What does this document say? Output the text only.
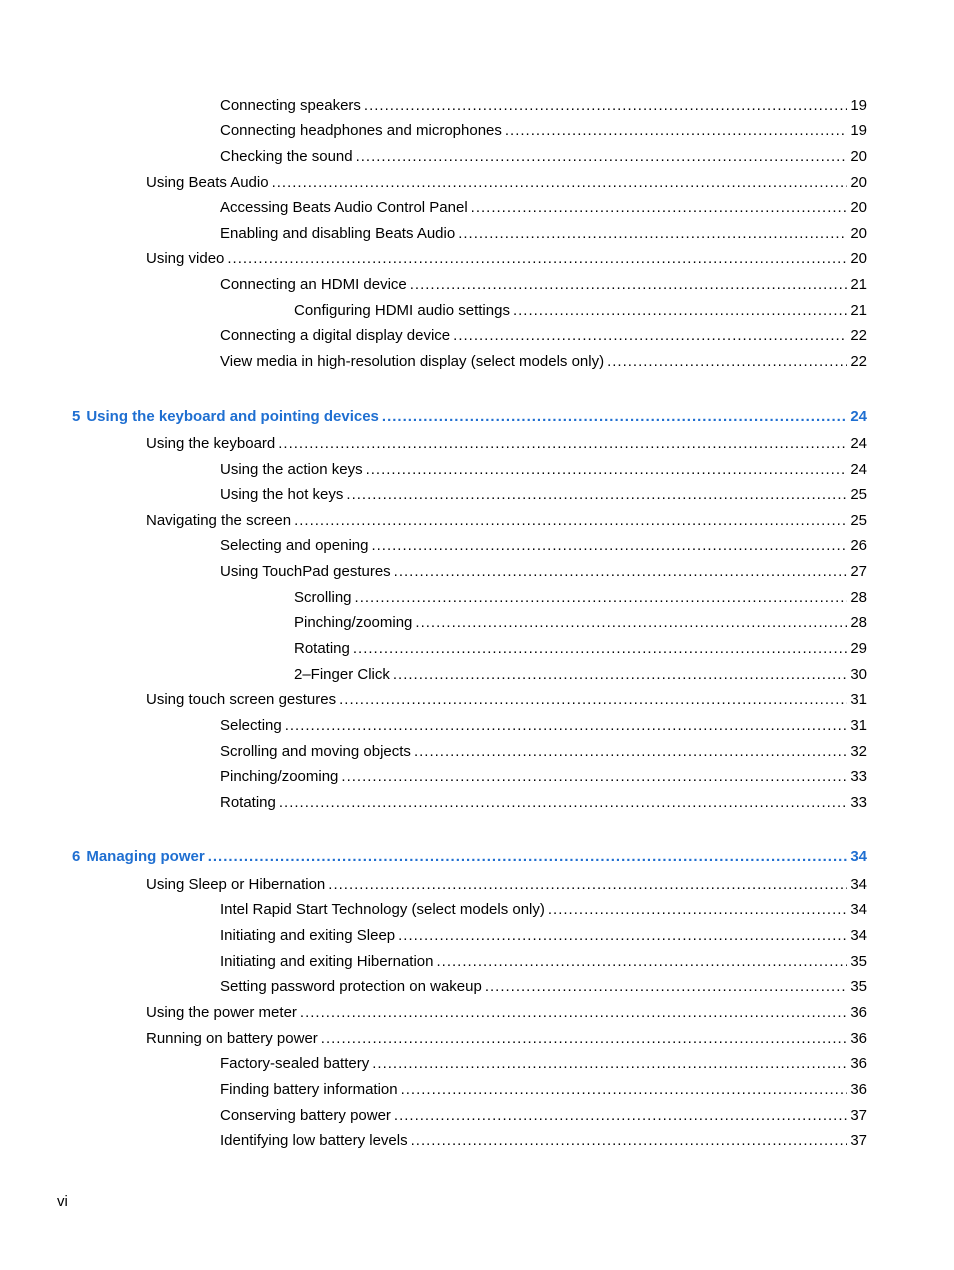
Connecting speakers .....	19
Connecting headphones and microphones .....	19
Checking the sound .....	20
Using Beats Audio .....	20
Accessing Beats Audio Control Panel .....	20
Enabling and disabling Beats Audio .....	20
Using video .....	20
Connecting an HDMI device .....	21
Configuring HDMI audio settings .....	21
Connecting a digital display device .....	22
View media in high-resolution display (select models only) .....	22
5 Using the keyboard and pointing devices .....	24
Using the keyboard .....	24
Using the action keys .....	24
Using the hot keys .....	25
Navigating the screen .....	25
Selecting and opening .....	26
Using TouchPad gestures .....	27
Scrolling .....	28
Pinching/zooming .....	28
Rotating .....	29
2–Finger Click .....	30
Using touch screen gestures .....	31
Selecting .....	31
Scrolling and moving objects .....	32
Pinching/zooming .....	33
Rotating .....	33
6 Managing power .....	34
Using Sleep or Hibernation .....	34
Intel Rapid Start Technology (select models only) .....	34
Initiating and exiting Sleep .....	34
Initiating and exiting Hibernation .....	35
Setting password protection on wakeup .....	35
Using the power meter .....	36
Running on battery power .....	36
Factory-sealed battery .....	36
Finding battery information .....	36
Conserving battery power .....	37
Identifying low battery levels .....	37
vi
